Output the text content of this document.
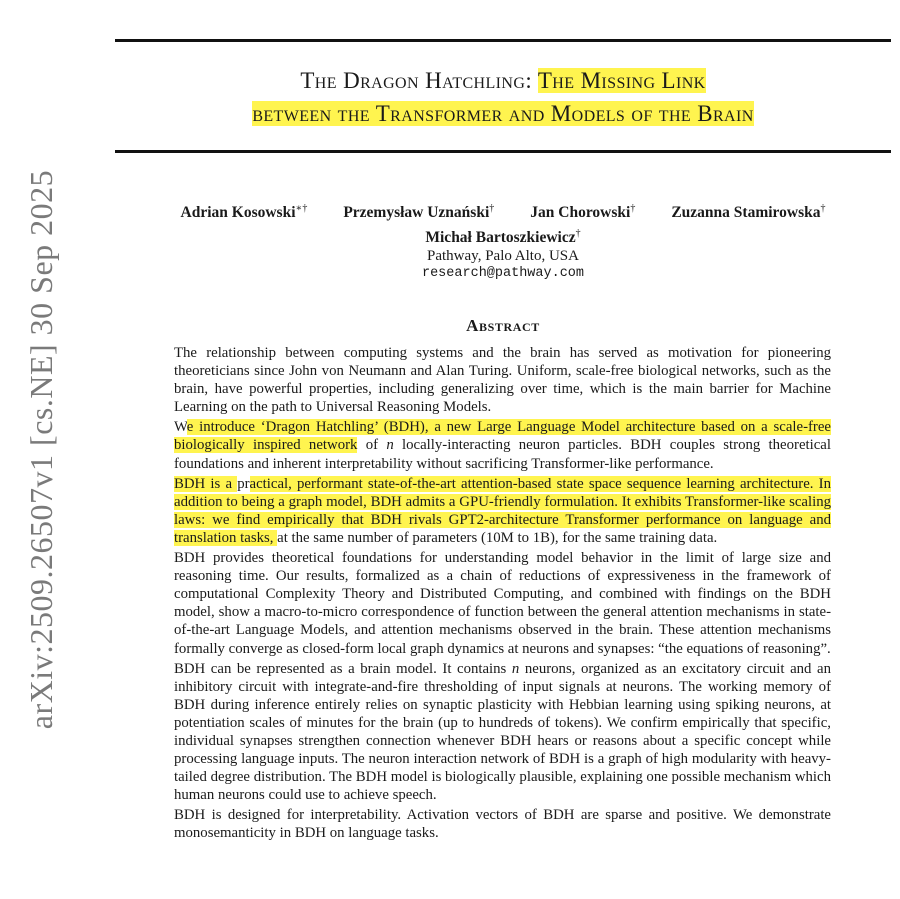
arXiv:2509.26507v1 [cs.NE] 30 Sep 2025
The Dragon Hatchling: The Missing Link
between the Transformer and Models of the Brain
Adrian Kosowski∗† Przemysław Uznański† Jan Chorowski† Zuzanna Stamirowska†
Michał Bartoszkiewicz†
Pathway, Palo Alto, USA
research@pathway.com
Abstract

The relationship between computing systems and the brain has served as motivation for pioneering theoreticians since John von Neumann and Alan Turing. Uniform, scale-free biological networks, such as the brain, have powerful properties, including generalizing over time, which is the main barrier for Machine Learning on the path to Universal Reasoning Models.

We introduce ‘Dragon Hatchling’ (BDH), a new Large Language Model architecture based on a scale-free biologically inspired network of n locally-interacting neuron particles. BDH couples strong theoretical foundations and inherent interpretability without sacrificing Transformer-like performance.

BDH is a practical, performant state-of-the-art attention-based state space sequence learning architecture. In addition to being a graph model, BDH admits a GPU-friendly formulation. It exhibits Transformer-like scaling laws: we find empirically that BDH rivals GPT2-architecture Transformer performance on language and translation tasks, at the same number of parameters (10M to 1B), for the same training data.

BDH provides theoretical foundations for understanding model behavior in the limit of large size and reasoning time. Our results, formalized as a chain of reductions of expressiveness in the framework of computational Complexity Theory and Distributed Computing, and combined with findings on the BDH model, show a macro-to-micro correspondence of function between the general attention mechanisms in state-of-the-art Language Models, and attention mechanisms observed in the brain. These attention mechanisms formally converge as closed-form local graph dynamics at neurons and synapses: “the equations of reasoning”.

BDH can be represented as a brain model. It contains n neurons, organized as an excitatory circuit and an inhibitory circuit with integrate-and-fire thresholding of input signals at neurons. The working memory of BDH during inference entirely relies on synaptic plasticity with Hebbian learning using spiking neurons, at potentiation scales of minutes for the brain (up to hundreds of tokens). We confirm empirically that specific, individual synapses strengthen connection whenever BDH hears or reasons about a specific concept while processing language inputs. The neuron interaction network of BDH is a graph of high modularity with heavy-tailed degree distribution. The BDH model is biologically plausible, explaining one possible mechanism which human neurons could use to achieve speech.

BDH is designed for interpretability. Activation vectors of BDH are sparse and positive. We demonstrate monosemanticity in BDH on language tasks.
